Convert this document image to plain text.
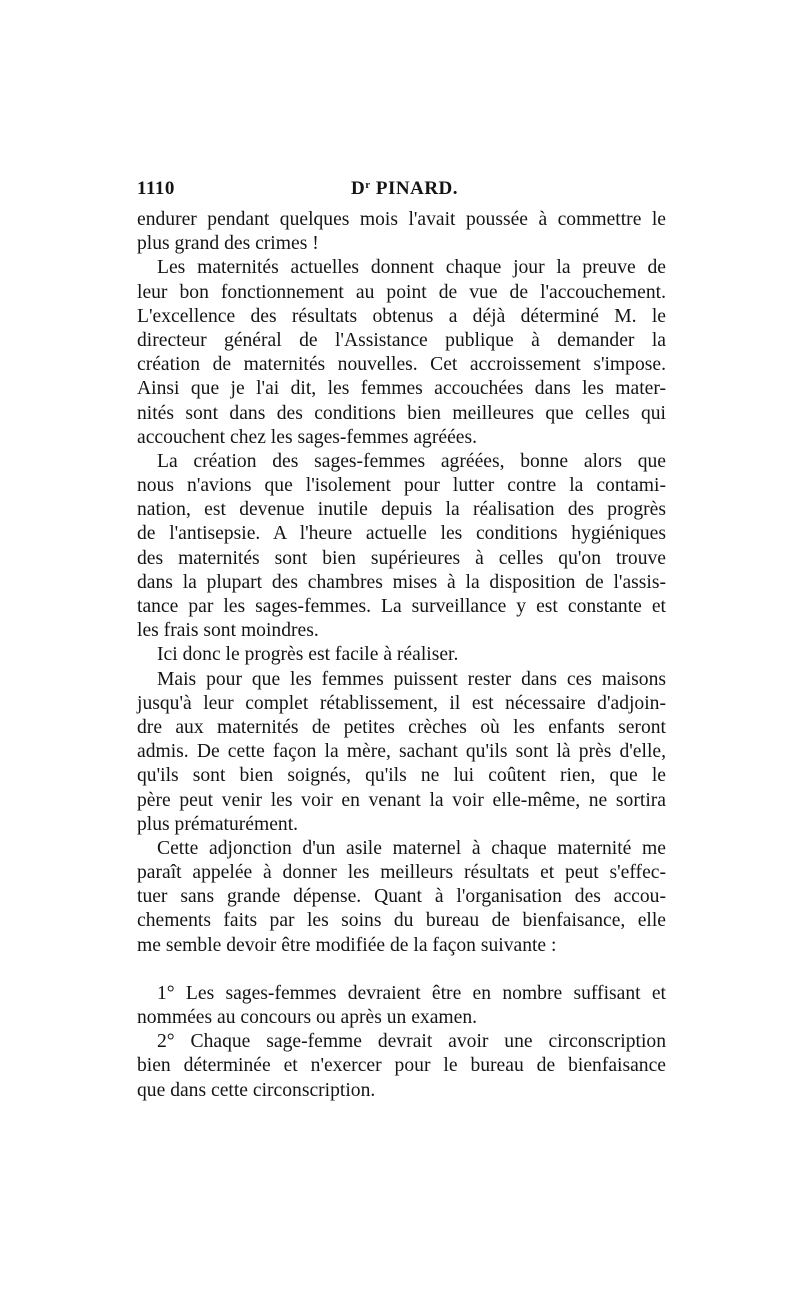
1110	$D^r$ PINARD.
endurer pendant quelques mois l'avait poussée à commettre le
plus grand des crimes !
Les maternités actuelles donnent chaque jour la preuve de
leur bon fonctionnement au point de vue de l'accouchement.
L'excellence des résultats obtenus a déjà déterminé M. le
directeur général de l'Assistance publique à demander la
création de maternités nouvelles. Cet accroissement s'impose.
Ainsi que je l'ai dit, les femmes accouchées dans les mater-
nités sont dans des conditions bien meilleures que celles qui
accouchent chez les sages-femmes agréées.
La création des sages-femmes agréées, bonne alors que
nous n'avions que l'isolement pour lutter contre la contami-
nation, est devenue inutile depuis la réalisation des progrès
de l'antisepsie. A l'heure actuelle les conditions hygiéniques
des maternités sont bien supérieures à celles qu'on trouve
dans la plupart des chambres mises à la disposition de l'assis-
tance par les sages-femmes. La surveillance y est constante et
les frais sont moindres.
Ici donc le progrès est facile à réaliser.
Mais pour que les femmes puissent rester dans ces maisons
jusqu'à leur complet rétablissement, il est nécessaire d'adjoin-
dre aux maternités de petites crèches où les enfants seront
admis. De cette façon la mère, sachant qu'ils sont là près d'elle,
qu'ils sont bien soignés, qu'ils ne lui coûtent rien, que le
père peut venir les voir en venant la voir elle-même, ne sortira
plus prématurément.
Cette adjonction d'un asile maternel à chaque maternité me
paraît appelée à donner les meilleurs résultats et peut s'effec-
tuer sans grande dépense. Quant à l'organisation des accou-
chements faits par les soins du bureau de bienfaisance, elle
me semble devoir être modifiée de la façon suivante :
1° Les sages-femmes devraient être en nombre suffisant et
nommées au concours ou après un examen.
2° Chaque sage-femme devrait avoir une circonscription
bien déterminée et n'exercer pour le bureau de bienfaisance
que dans cette circonscription.
